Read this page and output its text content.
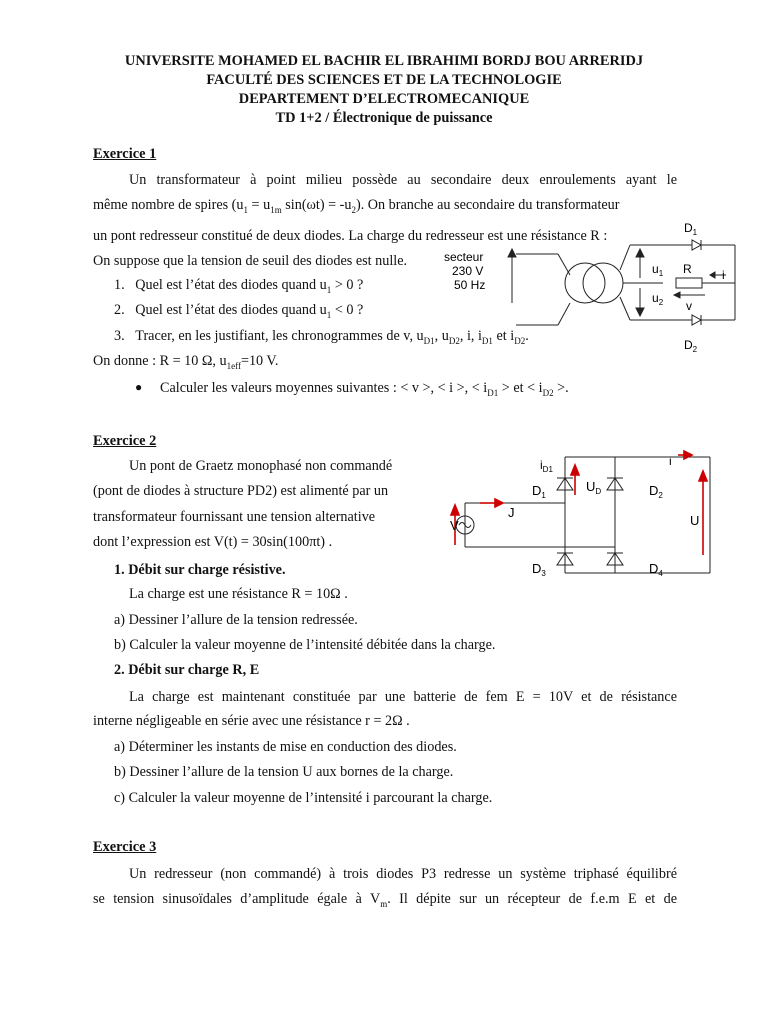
UNIVERSITE MOHAMED EL BACHIR EL IBRAHIMI BORDJ BOU ARRERIDJ
FACULTÉ DES SCIENCES ET DE LA TECHNOLOGIE
DEPARTEMENT D’ELECTROMECANIQUE
TD 1+2 / Électronique de puissance
Exercice 1
Un transformateur à point milieu possède au secondaire deux enroulements ayant le
même nombre de spires ($u_1 = u_{1m}$ $\sin(\omega t) = -u_2$). On branche au secondaire du transformateur
un pont redresseur constitué de deux diodes. La charge du redresseur est une résistance R :
On suppose que la tension de seuil des diodes est nulle.
1.   Quel est l’état des diodes quand $u_1 > 0$ ?
2.   Quel est l’état des diodes quand $u_1 < 0$ ?
3.   Tracer, en les justifiant, les chronogrammes de v, $u_{D1}$, $u_{D2}$, i, $i_{D1}$ et $i_{D2}$.
On donne : R = 10 Ω, $u_{1eff}=10$ V.
● Calculer les valeurs moyennes suivantes : < v >, < i >, < $i_{D1}$ > et < $i_{D2}$ >.
$D_1$
$D_2$
secteur
230 V
50 Hz
$u_1$
$u_2$
R	i
v
Exercice 2
Un pont de Graetz monophasé non commandé
(pont de diodes à structure PD2) est alimenté par un
transformateur fournissant une tension alternative
dont l’expression est V(t) = 30sin(100πt) .
1. Débit sur charge résistive.
La charge est une résistance R = 10Ω .
a) Dessiner l’allure de la tension redressée.
b) Calculer la valeur moyenne de l’intensité débitée dans la charge.
2. Débit sur charge R, E
La charge est maintenant constituée par une batterie de fem E = 10V et de résistance
interne négligeable en série avec une résistance r = 2Ω .
a) Déterminer les instants de mise en conduction des diodes.
b) Dessiner l’allure de la tension U aux bornes de la charge.
c) Calculer la valeur moyenne de l’intensité i parcourant la charge.
$i_{D1}$
i
$D_1$
$U_D$	$D_2$
V
J
U
$D_3$	$D_4$
Exercice 3
Un redresseur (non commandé) à trois diodes P3 redresse un système triphasé équilibré
se tension sinusoïdales d’amplitude égale à $V_m$. Il dépite sur un récepteur de f.e.m E et de
